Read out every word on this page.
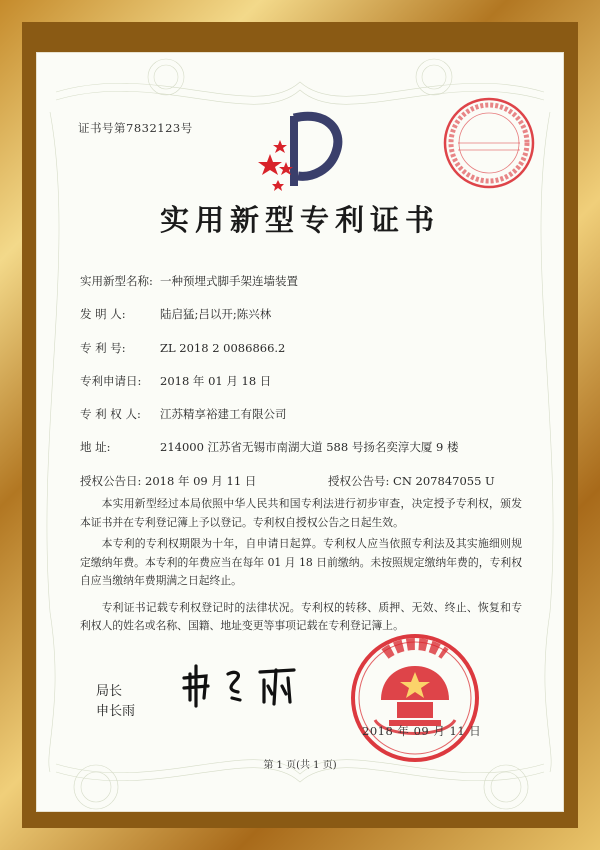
证书号第7832123号
实用新型专利证书
实用新型名称: 一种预埋式脚手架连墙装置
发 明 人:	陆启猛;吕以开;陈兴林
专 利 号:	ZL 2018 2 0086866.2
专利申请日: 2018 年 01 月 18 日
专 利 权 人: 江苏精享裕建工有限公司
地 址:	214000 江苏省无锡市南湖大道 588 号扬名奕淳大厦 9 楼
授权公告日: 2018 年 09 月 11 日	授权公告号: CN 207847055 U

本实用新型经过本局依照中华人民共和国专利法进行初步审查，决定授予专利权，颁发本证书并在专利登记簿上予以登记。专利权自授权公告之日起生效。

本专利的专利权期限为十年，自申请日起算。专利权人应当依照专利法及其实施细则规定缴纳年费。本专利的年费应当在每年 01 月 18 日前缴纳。未按照规定缴纳年费的，专利权自应当缴纳年费期满之日起终止。

专利证书记载专利权登记时的法律状况。专利权的转移、质押、无效、终止、恢复和专利权人的姓名或名称、国籍、地址变更等事项记载在专利登记簿上。

局长
申长雨
2018 年 09 月 11 日
第 1 页(共 1 页)
